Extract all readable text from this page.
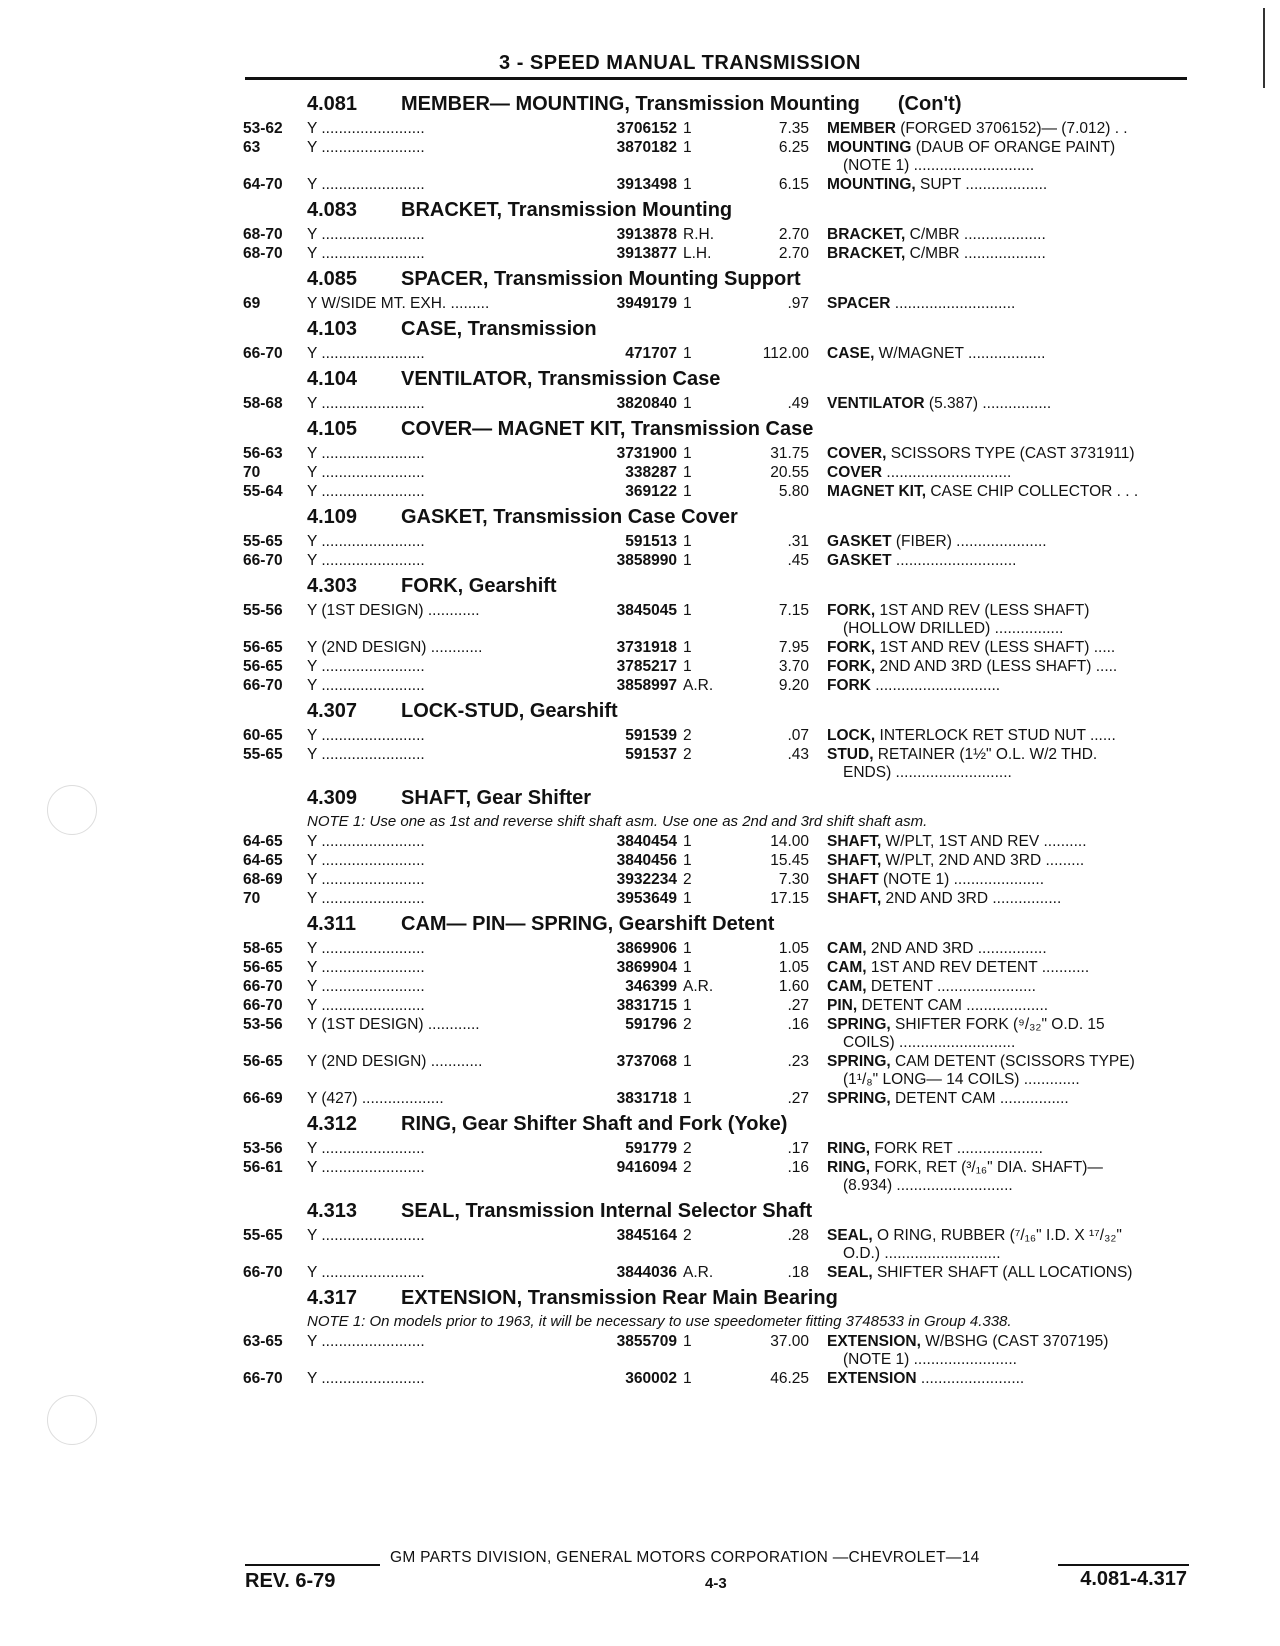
3 - SPEED MANUAL TRANSMISSION
4.081	MEMBER— MOUNTING, Transmission Mounting	(Con't)
53-62	Y ........................	3706152 1	7.35 MEMBER (FORGED 3706152)— (7.012) . .
63	Y ........................	3870182 1	6.25 MOUNTING (DAUB OF ORANGE PAINT)
(NOTE 1) ............................
64-70	Y ........................	3913498 1	6.15 MOUNTING, SUPT ...................
4.083	BRACKET, Transmission Mounting
68-70	Y ........................	3913878 R.H.	2.70 BRACKET, C/MBR ...................
68-70	Y ........................	3913877 L.H.	2.70 BRACKET, C/MBR ...................
4.085	SPACER, Transmission Mounting Support
69	Y W/SIDE MT. EXH. .........	3949179 1	.97 SPACER ............................
4.103	CASE, Transmission
66-70	Y ........................	471707 1	112.00 CASE, W/MAGNET ..................
4.104	VENTILATOR, Transmission Case
58-68	Y ........................	3820840 1	.49 VENTILATOR (5.387) ................
4.105	COVER— MAGNET KIT, Transmission Case
56-63	Y ........................	3731900 1	31.75 COVER, SCISSORS TYPE (CAST 3731911)
70	Y ........................	338287 1	20.55 COVER .............................
55-64	Y ........................	369122 1	5.80 MAGNET KIT, CASE CHIP COLLECTOR . . .
4.109	GASKET, Transmission Case Cover
55-65	Y ........................	591513 1	.31 GASKET (FIBER) .....................
66-70	Y ........................	3858990 1	.45 GASKET ............................
4.303	FORK, Gearshift
55-56	Y (1ST DESIGN) ............	3845045 1	7.15 FORK, 1ST AND REV (LESS SHAFT)
(HOLLOW DRILLED) ................
56-65	Y (2ND DESIGN) ............	3731918 1	7.95 FORK, 1ST AND REV (LESS SHAFT) .....
56-65	Y ........................	3785217 1	3.70 FORK, 2ND AND 3RD (LESS SHAFT) .....
66-70	Y ........................	3858997 A.R.	9.20 FORK .............................
4.307	LOCK-STUD, Gearshift
60-65	Y ........................	591539 2	.07 LOCK, INTERLOCK RET STUD NUT ......
55-65	Y ........................	591537 2	.43 STUD, RETAINER (1½" O.L. W/2 THD.
ENDS) ...........................
4.309	SHAFT, Gear Shifter
NOTE 1: Use one as 1st and reverse shift shaft asm. Use one as 2nd and 3rd shift shaft asm.
64-65	Y ........................	3840454 1	14.00 SHAFT, W/PLT, 1ST AND REV ..........
64-65	Y ........................	3840456 1	15.45 SHAFT, W/PLT, 2ND AND 3RD .........
68-69	Y ........................	3932234 2	7.30 SHAFT (NOTE 1) .....................
70	Y ........................	3953649 1	17.15 SHAFT, 2ND AND 3RD ................
4.311	CAM— PIN— SPRING, Gearshift Detent
58-65	Y ........................	3869906 1	1.05 CAM, 2ND AND 3RD ................
56-65	Y ........................	3869904 1	1.05 CAM, 1ST AND REV DETENT ...........
66-70	Y ........................	346399 A.R.	1.60 CAM, DETENT .......................
66-70	Y ........................	3831715 1	.27 PIN, DETENT CAM ...................
53-56	Y (1ST DESIGN) ............	591796 2	.16 SPRING, SHIFTER FORK (⁹/₃₂" O.D. 15
COILS) ...........................
56-65	Y (2ND DESIGN) ............	3737068 1	.23 SPRING, CAM DETENT (SCISSORS TYPE)
(1¹/₈" LONG— 14 COILS) .............
66-69	Y (427) ...................	3831718 1	.27 SPRING, DETENT CAM ................
4.312	RING, Gear Shifter Shaft and Fork (Yoke)
53-56	Y ........................	591779 2	.17 RING, FORK RET ....................
56-61	Y ........................	9416094 2	.16 RING, FORK, RET (³/₁₆" DIA. SHAFT)—
(8.934) ...........................
4.313	SEAL, Transmission Internal Selector Shaft
55-65	Y ........................	3845164 2	.28 SEAL, O RING, RUBBER (⁷/₁₆" I.D. X ¹⁷/₃₂"
O.D.) ...........................
66-70	Y ........................	3844036 A.R.	.18 SEAL, SHIFTER SHAFT (ALL LOCATIONS)
4.317	EXTENSION, Transmission Rear Main Bearing
NOTE 1: On models prior to 1963, it will be necessary to use speedometer fitting 3748533 in Group 4.338.
63-65	Y ........................	3855709 1	37.00 EXTENSION, W/BSHG (CAST 3707195)
(NOTE 1) ........................
66-70	Y ........................	360002 1	46.25 EXTENSION ........................
GM PARTS DIVISION, GENERAL MOTORS CORPORATION —CHEVROLET—14
REV. 6-79	4-3	4.081-4.317
